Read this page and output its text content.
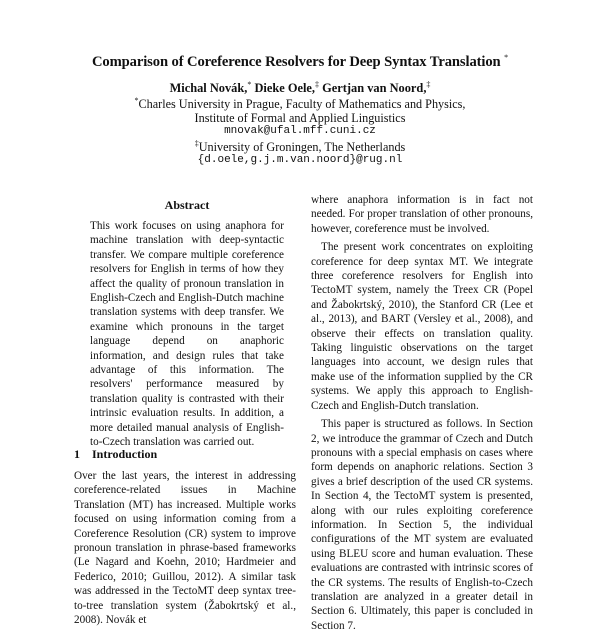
Comparison of Coreference Resolvers for Deep Syntax Translation *
Michal Novák,* Dieke Oele,‡ Gertjan van Noord,‡
*Charles University in Prague, Faculty of Mathematics and Physics,
Institute of Formal and Applied Linguistics
mnovak@ufal.mff.cuni.cz
‡University of Groningen, The Netherlands
{d.oele,g.j.m.van.noord}@rug.nl
Abstract
This work focuses on using anaphora for machine translation with deep-syntactic transfer. We compare multiple coreference resolvers for English in terms of how they affect the quality of pronoun translation in English-Czech and English-Dutch machine translation systems with deep transfer. We examine which pronouns in the target language depend on anaphoric information, and design rules that take advantage of this information. The resolvers' performance measured by translation quality is contrasted with their intrinsic evaluation results. In addition, a more detailed manual analysis of English-to-Czech translation was carried out.
1 Introduction

Over the last years, the interest in addressing coreference-related issues in Machine Translation (MT) has increased. Multiple works focused on using information coming from a Coreference Resolution (CR) system to improve pronoun translation in phrase-based frameworks (Le Nagard and Koehn, 2010; Hardmeier and Federico, 2010; Guillou, 2012). A similar task was addressed in the TectoMT deep syntax tree-to-tree translation system (Žabokrtský et al., 2008). Novák et

where anaphora information is in fact not needed. For proper translation of other pronouns, however, coreference must be involved.

The present work concentrates on exploiting coreference for deep syntax MT. We integrate three coreference resolvers for English into TectoMT system, namely the Treex CR (Popel and Žabokrtský, 2010), the Stanford CR (Lee et al., 2013), and BART (Versley et al., 2008), and observe their effects on translation quality. Taking linguistic observations on the target languages into account, we design rules that make use of the information supplied by the CR systems. We apply this approach to English-Czech and English-Dutch translation.

This paper is structured as follows. In Section 2, we introduce the grammar of Czech and Dutch pronouns with a special emphasis on cases where form depends on anaphoric relations. Section 3 gives a brief description of the used CR systems. In Section 4, the TectoMT system is presented, along with our rules exploiting coreference information. In Section 5, the individual configurations of the MT system are evaluated using BLEU score and human evaluation. These evaluations are contrasted with intrinsic scores of the CR systems. The results of English-to-Czech translation are analyzed in a greater detail in Section 6. Ultimately, this paper is concluded in Section 7.
